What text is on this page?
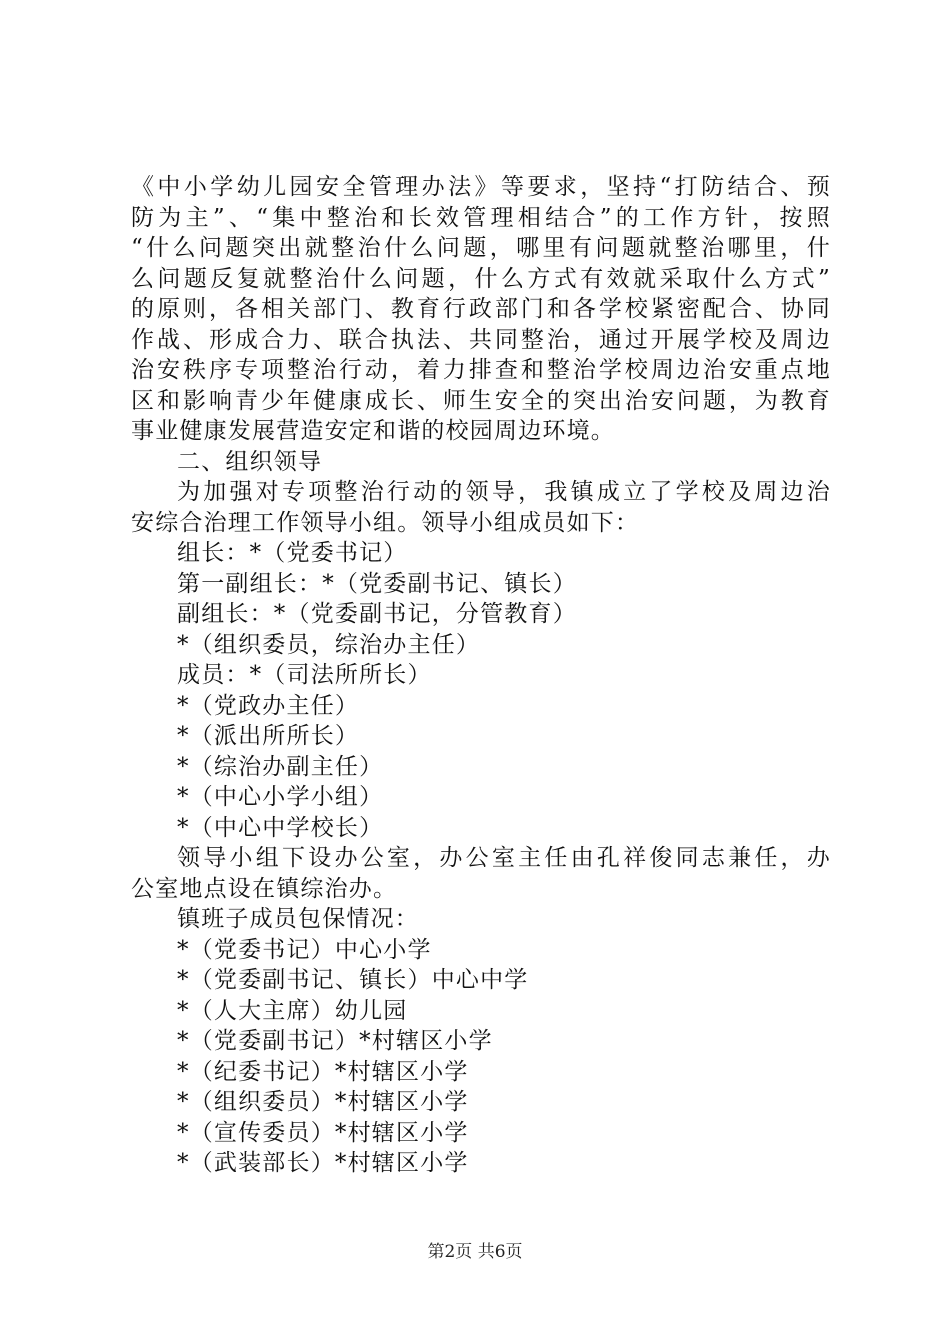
《中小学幼儿园安全管理办法》等要求，坚持“打防结合、预
防为主”、“集中整治和长效管理相结合”的工作方针，按照
“什么问题突出就整治什么问题，哪里有问题就整治哪里，什
么问题反复就整治什么问题，什么方式有效就采取什么方式”
的原则，各相关部门、教育行政部门和各学校紧密配合、协同
作战、形成合力、联合执法、共同整治，通过开展学校及周边
治安秩序专项整治行动，着力排查和整治学校周边治安重点地
区和影响青少年健康成长、师生安全的突出治安问题，为教育
事业健康发展营造安定和谐的校园周边环境。
二、组织领导
为加强对专项整治行动的领导，我镇成立了学校及周边治
安综合治理工作领导小组。领导小组成员如下：
组长：*（党委书记）
第一副组长：*（党委副书记、镇长）
副组长：*（党委副书记，分管教育）
*（组织委员，综治办主任）
成员：*（司法所所长）
*（党政办主任）
*（派出所所长）
*（综治办副主任）
*（中心小学小组）
*（中心中学校长）
领导小组下设办公室，办公室主任由孔祥俊同志兼任，办
公室地点设在镇综治办。
镇班子成员包保情况：
*（党委书记）中心小学
*（党委副书记、镇长）中心中学
*（人大主席）幼儿园
*（党委副书记）*村辖区小学
*（纪委书记）*村辖区小学
*（组织委员）*村辖区小学
*（宣传委员）*村辖区小学
*（武装部长）*村辖区小学
第2页 共6页
